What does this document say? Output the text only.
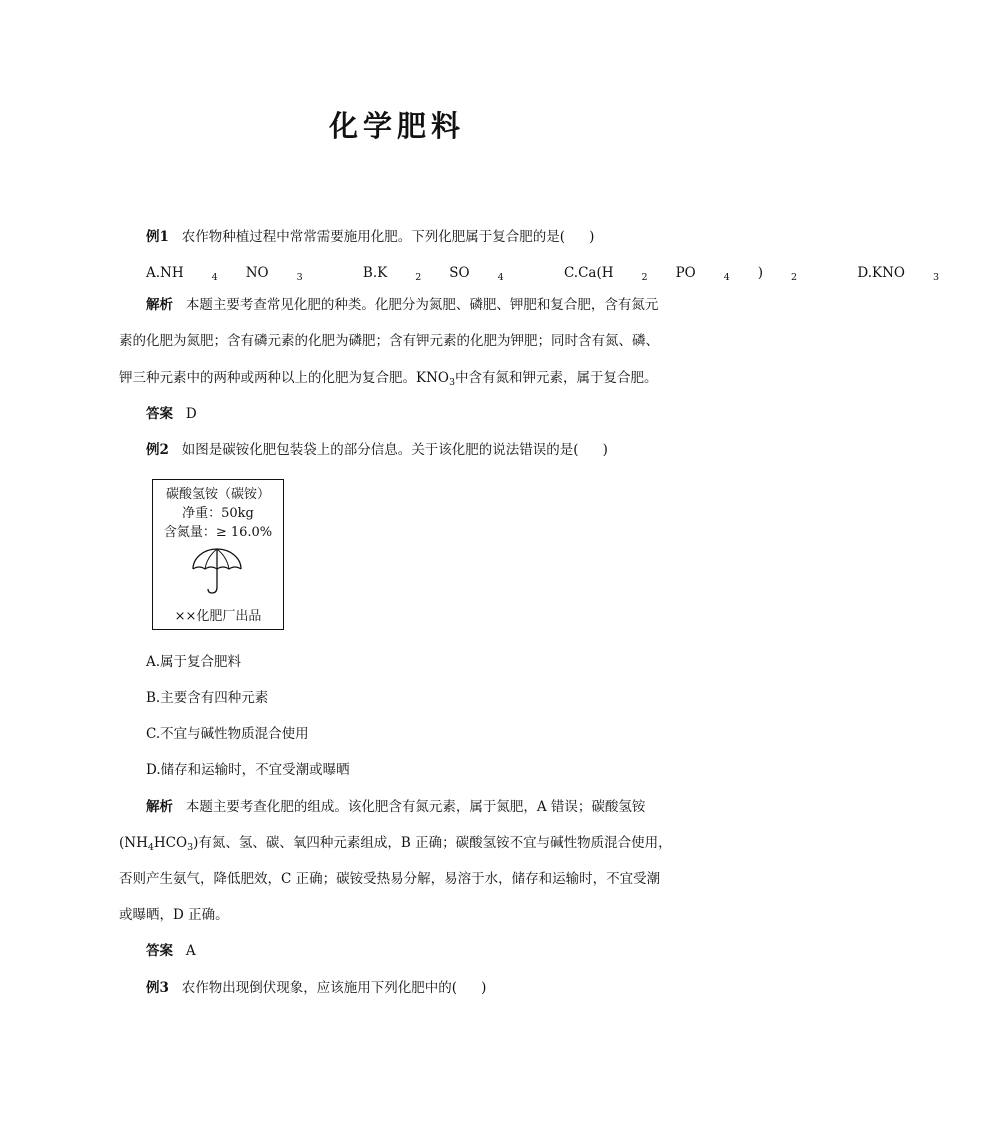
化学肥料
例1 农作物种植过程中常常需要施用化肥。下列化肥属于复合肥的是( )
A.NH	$_4$ NO	$_3$	B.K	$_2$ SO	$_4$	C.Ca(H	$_2$ PO	$_4$ )	$_2$	D.KNO	$_3$
解析 本题主要考查常见化肥的种类。化肥分为氮肥、磷肥、钾肥和复合肥，含有氮元
素的化肥为氮肥；含有磷元素的化肥为磷肥；含有钾元素的化肥为钾肥；同时含有氮、磷、
钾三种元素中的两种或两种以上的化肥为复合肥。$KNO_3$中含有氮和钾元素，属于复合肥。
答案 D
例2 如图是碳铵化肥包装袋上的部分信息。关于该化肥的说法错误的是( )
碳酸氢铵（碳铵）
净重：50kg
含氮量：≥ 16.0%
××化肥厂出品
A.属于复合肥料
B.主要含有四种元素
C.不宜与碱性物质混合使用
D.储存和运输时，不宜受潮或曝晒
解析 本题主要考查化肥的组成。该化肥含有氮元素，属于氮肥，A 错误；碳酸氢铵
$(NH_4HCO_3)$有氮、氢、碳、氧四种元素组成，B 正确；碳酸氢铵不宜与碱性物质混合使用，
否则产生氨气，降低肥效，C 正确；碳铵受热易分解，易溶于水，储存和运输时，不宜受潮
或曝晒，D 正确。
答案 A
例3 农作物出现倒伏现象，应该施用下列化肥中的( )
